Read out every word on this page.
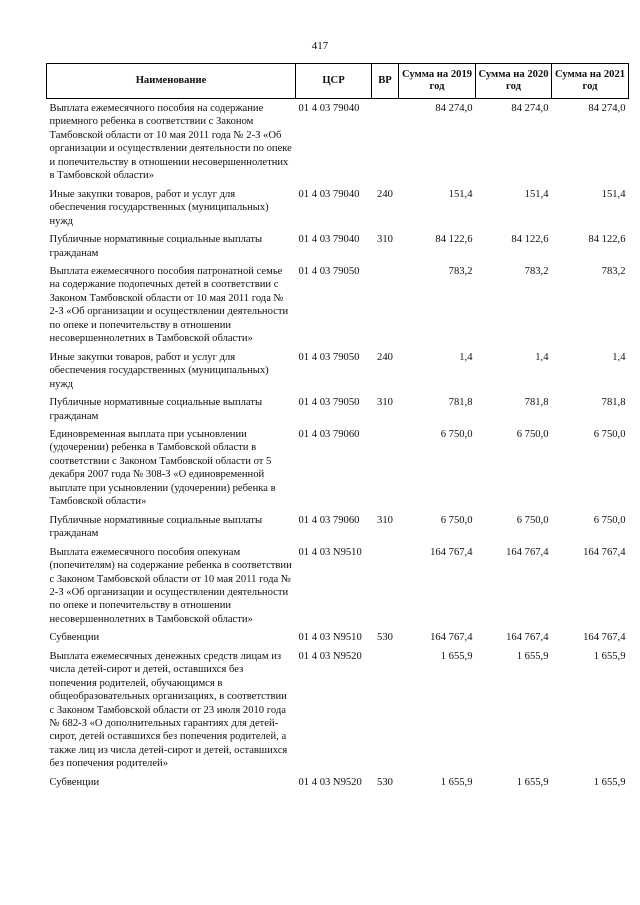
417
Наименование	ЦСР	ВР	Сумма на 2019 год	Сумма на 2020 год	Сумма на 2021 год
Выплата ежемесячного пособия на содержание приемного ребенка в соответствии с Законом Тамбовской области от 10 мая 2011 года № 2-З «Об организации и осуществлении деятельности по опеке и попечительству в отношении несовершеннолетних в Тамбовской области»	01 4 03 79040		84 274,0	84 274,0	84 274,0
Иные закупки товаров, работ и услуг для обеспечения государственных (муниципальных) нужд	01 4 03 79040	240	151,4	151,4	151,4
Публичные нормативные социальные выплаты гражданам	01 4 03 79040	310	84 122,6	84 122,6	84 122,6
Выплата ежемесячного пособия патронатной семье на содержание подопечных детей в соответствии с Законом Тамбовской области от 10 мая 2011 года № 2-З «Об организации и осуществлении деятельности по опеке и попечительству в отношении несовершеннолетних в Тамбовской области»	01 4 03 79050		783,2	783,2	783,2
Иные закупки товаров, работ и услуг для обеспечения государственных (муниципальных) нужд	01 4 03 79050	240	1,4	1,4	1,4
Публичные нормативные социальные выплаты гражданам	01 4 03 79050	310	781,8	781,8	781,8
Единовременная выплата при усыновлении (удочерении) ребенка в Тамбовской области в соответствии с Законом Тамбовской области от 5 декабря 2007 года № 308-З «О единовременной выплате при усыновлении (удочерении) ребенка в Тамбовской области»	01 4 03 79060		6 750,0	6 750,0	6 750,0
Публичные нормативные социальные выплаты гражданам	01 4 03 79060	310	6 750,0	6 750,0	6 750,0
Выплата ежемесячного пособия опекунам (попечителям) на содержание ребенка в соответствии с Законом Тамбовской области от 10 мая 2011 года № 2-З «Об организации и осуществлении деятельности по опеке и попечительству в отношении несовершеннолетних в Тамбовской области»	01 4 03 N9510		164 767,4	164 767,4	164 767,4
Субвенции	01 4 03 N9510	530	164 767,4	164 767,4	164 767,4
Выплата ежемесячных денежных средств лицам из числа детей-сирот и детей, оставшихся без попечения родителей, обучающимся в общеобразовательных организациях, в соответствии с Законом Тамбовской области от 23 июля 2010 года № 682-З «О дополнительных гарантиях для детей-сирот, детей оставшихся без попечения родителей, а также лиц из числа детей-сирот и детей, оставшихся без попечения родителей»	01 4 03 N9520		1 655,9	1 655,9	1 655,9
Субвенции	01 4 03 N9520	530	1 655,9	1 655,9	1 655,9
